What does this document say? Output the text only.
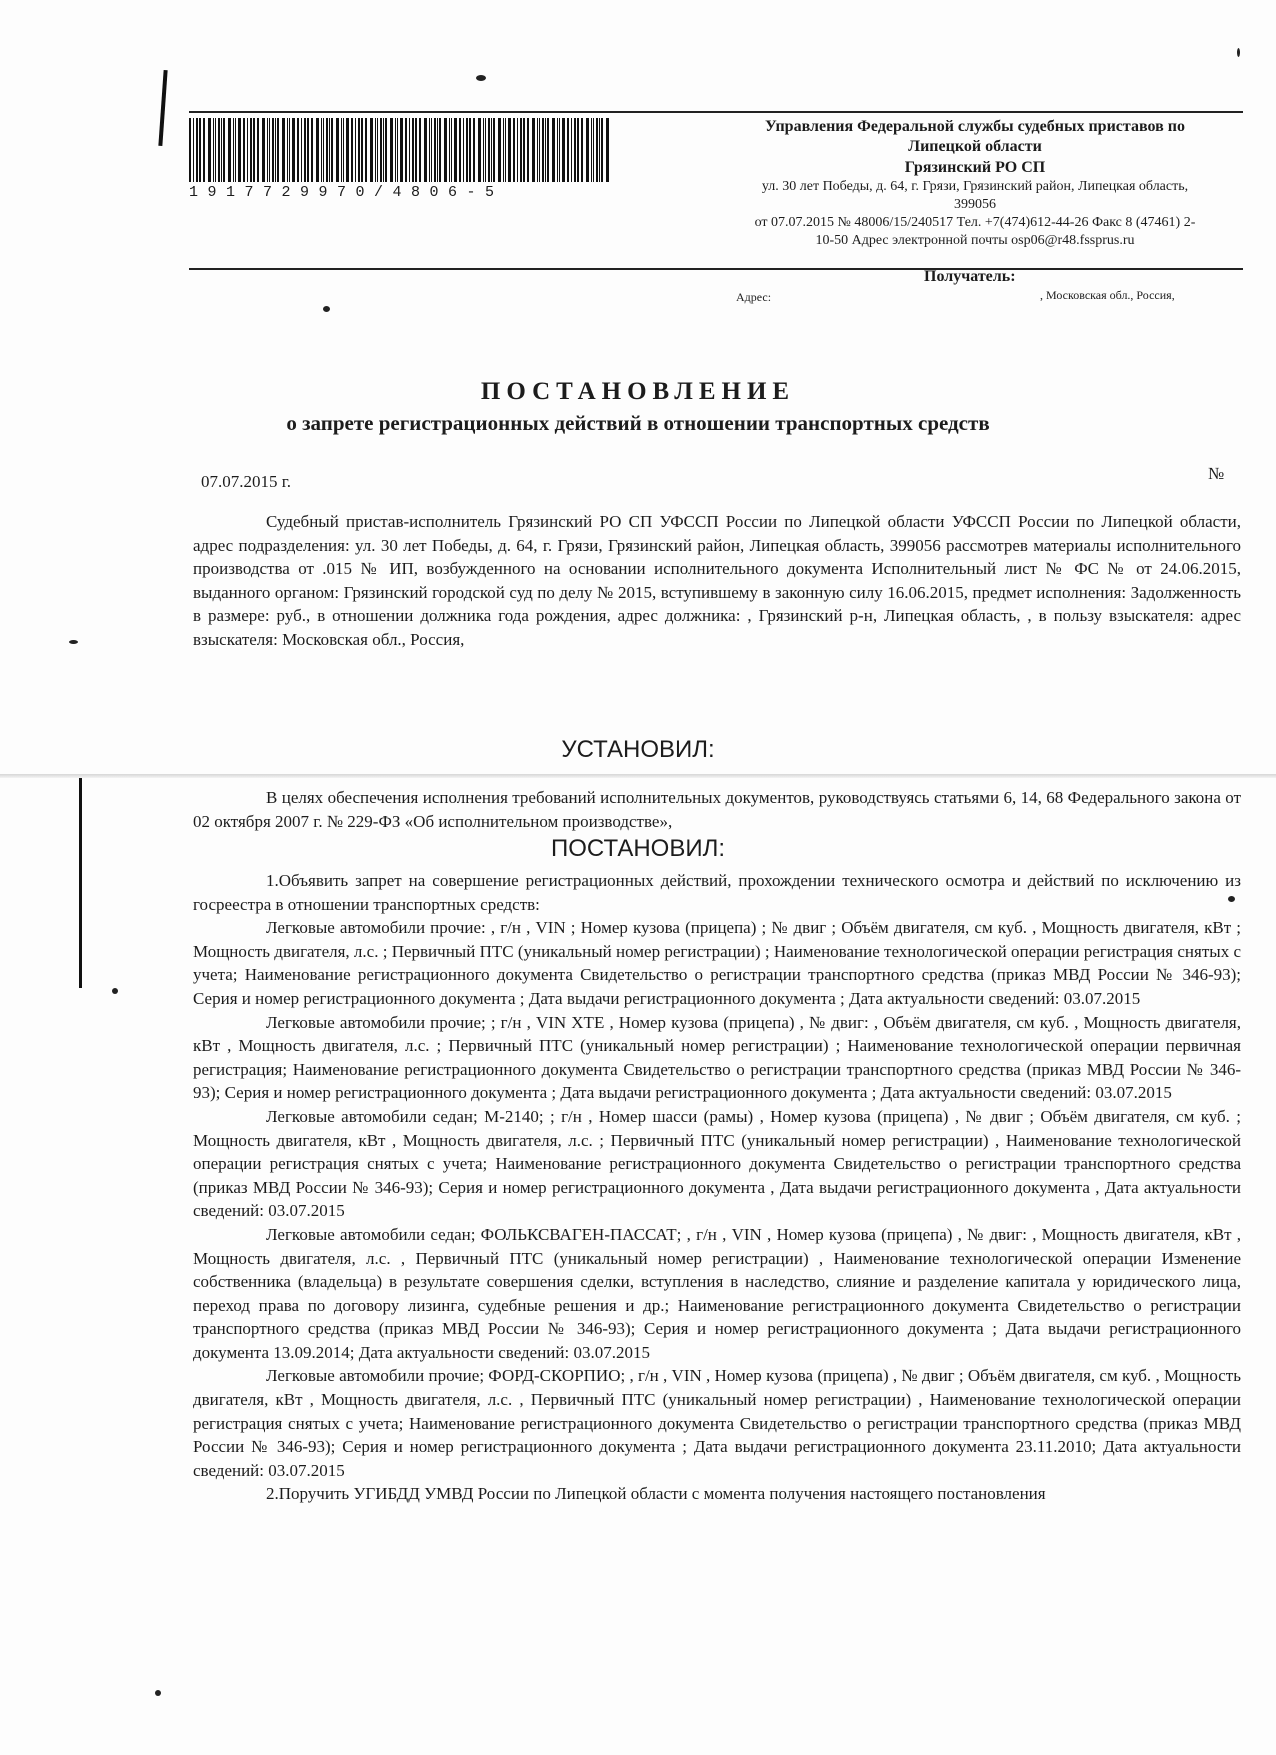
1917729970/4806-5
Управления Федеральной службы судебных приставов по
Липецкой области
Грязинский РО СП
ул. 30 лет Победы, д. 64, г. Грязи, Грязинский район, Липецкая область,
399056
от 07.07.2015 № 48006/15/240517 Тел. +7(474)612-44-26 Факс 8 (47461) 2-
10-50 Адрес электронной почты osp06@r48.fssprus.ru
Получатель:
Адрес:	, Московская обл., Россия,
ПОСТАНОВЛЕНИЕ
о запрете регистрационных действий в отношении транспортных средств
07.07.2015 г.	№

Судебный пристав-исполнитель Грязинский РО СП УФССП России по Липецкой области УФССП России по Липецкой области, адрес подразделения: ул. 30 лет Победы, д. 64, г. Грязи, Грязинский район, Липецкая область, 399056 рассмотрев материалы исполнительного производства от .015 № ИП, возбужденного на основании исполнительного документа Исполнительный лист № ФС № от 24.06.2015, выданного органом: Грязинский городской суд по делу № 2015, вступившему в законную силу 16.06.2015, предмет исполнения: Задолженность в размере: руб., в отношении должника года рождения, адрес должника: , Грязинский р-н, Липецкая область, , в пользу взыскателя: адрес взыскателя: Московская обл., Россия,

УСТАНОВИЛ:

В целях обеспечения исполнения требований исполнительных документов, руководствуясь статьями 6, 14, 68 Федерального закона от 02 октября 2007 г. № 229-ФЗ «Об исполнительном производстве»,

ПОСТАНОВИЛ:

1.Объявить запрет на совершение регистрационных действий, прохождении технического осмотра и действий по исключению из госреестра в отношении транспортных средств:

Легковые автомобили прочие: , г/н , VIN ; Номер кузова (прицепа) ; № двиг ; Объём двигателя, см куб. , Мощность двигателя, кВт ; Мощность двигателя, л.с. ; Первичный ПТС (уникальный номер регистрации) ; Наименование технологической операции регистрация снятых с учета; Наименование регистрационного документа Свидетельство о регистрации транспортного средства (приказ МВД России № 346-93); Серия и номер регистрационного документа ; Дата выдачи регистрационного документа ; Дата актуальности сведений: 03.07.2015

Легковые автомобили прочие; ; г/н , VIN XTE , Номер кузова (прицепа) , № двиг: , Объём двигателя, см куб. , Мощность двигателя, кВт , Мощность двигателя, л.с. ; Первичный ПТС (уникальный номер регистрации) ; Наименование технологической операции первичная регистрация; Наименование регистрационного документа Свидетельство о регистрации транспортного средства (приказ МВД России № 346-93); Серия и номер регистрационного документа ; Дата выдачи регистрационного документа ; Дата актуальности сведений: 03.07.2015

Легковые автомобили седан; М-2140; ; г/н , Номер шасси (рамы) , Номер кузова (прицепа) , № двиг ; Объём двигателя, см куб. ; Мощность двигателя, кВт , Мощность двигателя, л.с. ; Первичный ПТС (уникальный номер регистрации) , Наименование технологической операции регистрация снятых с учета; Наименование регистрационного документа Свидетельство о регистрации транспортного средства (приказ МВД России № 346-93); Серия и номер регистрационного документа , Дата выдачи регистрационного документа , Дата актуальности сведений: 03.07.2015

Легковые автомобили седан; ФОЛЬКСВАГЕН-ПАССАТ; , г/н , VIN , Номер кузова (прицепа) , № двиг: , Мощность двигателя, кВт , Мощность двигателя, л.с. , Первичный ПТС (уникальный номер регистрации) , Наименование технологической операции Изменение собственника (владельца) в результате совершения сделки, вступления в наследство, слияние и разделение капитала у юридического лица, переход права по договору лизинга, судебные решения и др.; Наименование регистрационного документа Свидетельство о регистрации транспортного средства (приказ МВД России № 346-93); Серия и номер регистрационного документа ; Дата выдачи регистрационного документа 13.09.2014; Дата актуальности сведений: 03.07.2015

Легковые автомобили прочие; ФОРД-СКОРПИО; , г/н , VIN , Номер кузова (прицепа) , № двиг ; Объём двигателя, см куб. , Мощность двигателя, кВт , Мощность двигателя, л.с. , Первичный ПТС (уникальный номер регистрации) , Наименование технологической операции регистрация снятых с учета; Наименование регистрационного документа Свидетельство о регистрации транспортного средства (приказ МВД России № 346-93); Серия и номер регистрационного документа ; Дата выдачи регистрационного документа 23.11.2010; Дата актуальности сведений: 03.07.2015

2.Поручить УГИБДД УМВД России по Липецкой области с момента получения настоящего постановления
